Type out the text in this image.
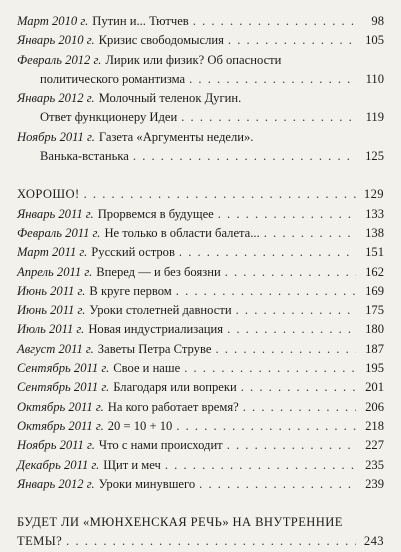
Март 2010 г. Путин и... Тютчев . . .	98
Январь 2010 г. Кризис свободомыслия . . .	105
Февраль 2012 г. Лирик или физик? Об опасности
политического романтизма . . .	110
Январь 2012 г. Молочный теленок Дугин.
Ответ функционеру Идеи . . .	119
Ноябрь 2011 г. Газета «Аргументы недели».
Ванька-встанька . . .	125
ХОРОШО! . . .	129
Январь 2011 г. Прорвемся в будущее . . .	133
Февраль 2011 г. Не только в области балета... . . .	138
Март 2011 г. Русский остров . . .	151
Апрель 2011 г. Вперед — и без боязни . . .	162
Июнь 2011 г. В круге первом . . .	169
Июнь 2011 г. Уроки столетней давности . . .	175
Июль 2011 г. Новая индустриализация . . .	180
Август 2011 г. Заветы Петра Струве . . .	187
Сентябрь 2011 г. Свое и наше . . .	195
Сентябрь 2011 г. Благодаря или вопреки . . .	201
Октябрь 2011 г. На кого работает время? . . .	206
Октябрь 2011 г. 20 = 10 + 10 . . .	218
Ноябрь 2011 г. Что с нами происходит . . .	227
Декабрь 2011 г. Щит и меч . . .	235
Январь 2012 г. Уроки минувшего . . .	239
БУДЕТ ЛИ «МЮНХЕНСКАЯ РЕЧЬ» НА ВНУТРЕННИЕ
ТЕМЫ? . . .	243
